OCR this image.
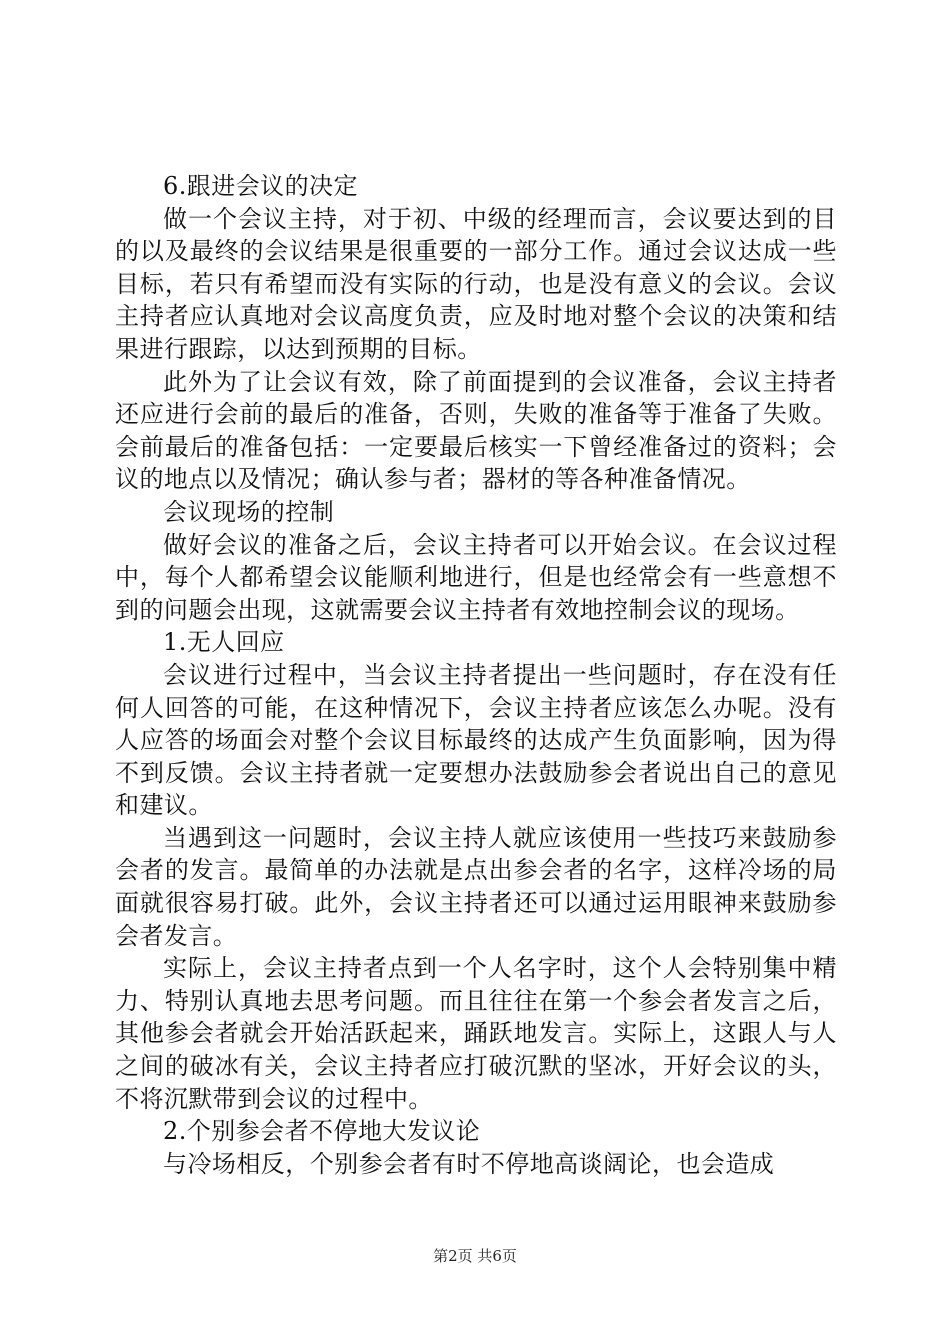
6.跟进会议的决定

做一个会议主持，对于初、中级的经理而言，会议要达到的目的以及最终的会议结果是很重要的一部分工作。通过会议达成一些目标，若只有希望而没有实际的行动，也是没有意义的会议。会议主持者应认真地对会议高度负责，应及时地对整个会议的决策和结果进行跟踪，以达到预期的目标。

此外为了让会议有效，除了前面提到的会议准备，会议主持者还应进行会前的最后的准备，否则，失败的准备等于准备了失败。会前最后的准备包括：一定要最后核实一下曾经准备过的资料；会议的地点以及情况；确认参与者；器材的等各种准备情况。

会议现场的控制

做好会议的准备之后，会议主持者可以开始会议。在会议过程中，每个人都希望会议能顺利地进行，但是也经常会有一些意想不到的问题会出现，这就需要会议主持者有效地控制会议的现场。

1.无人回应

会议进行过程中，当会议主持者提出一些问题时，存在没有任何人回答的可能，在这种情况下，会议主持者应该怎么办呢。没有人应答的场面会对整个会议目标最终的达成产生负面影响，因为得不到反馈。会议主持者就一定要想办法鼓励参会者说出自己的意见和建议。

当遇到这一问题时，会议主持人就应该使用一些技巧来鼓励参会者的发言。最简单的办法就是点出参会者的名字，这样冷场的局面就很容易打破。此外，会议主持者还可以通过运用眼神来鼓励参会者发言。

实际上，会议主持者点到一个人名字时，这个人会特别集中精力、特别认真地去思考问题。而且往往在第一个参会者发言之后，其他参会者就会开始活跃起来，踊跃地发言。实际上，这跟人与人之间的破冰有关，会议主持者应打破沉默的坚冰，开好会议的头，不将沉默带到会议的过程中。

2.个别参会者不停地大发议论

与冷场相反，个别参会者有时不停地高谈阔论，也会造成

第2页 共6页
